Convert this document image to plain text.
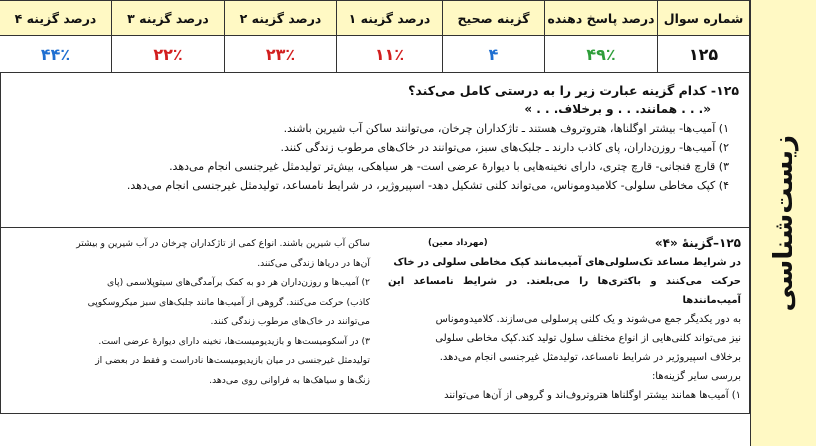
زیست‌شناسی
شماره سوال	درصد پاسخ دهنده	گزینه صحیح	درصد گزینه ۱	درصد گزینه ۲	درصد گزینه ۳	درصد گزینه ۴
۱۲۵	۴۹٪	۴	۱۱٪	۲۳٪	۲۲٪	۴۴٪
۱۲۵- کدام گزینه عبارت زیر را به درستی کامل می‌کند؟
«. . . همانند. . . و برخلاف. . . »
۱) آمیب‌ها- بیشتر اوگلناها، هتروتروف هستند ـ تاژکداران چرخان، می‌توانند ساکن آب شیرین باشند.
۲) آمیب‌ها- روزن‌داران، پای کاذب دارند ـ جلبک‌های سبز، می‌توانند در خاک‌های مرطوب زندگی کنند.
۳) قارچ فنجانی- قارچ چتری، دارای نخینه‌هایی با دیوارهٔ عرضی است- هر سیاهکی، بیش‌تر تولیدمثل غیرجنسی انجام می‌دهد.
۴) کپک مخاطی سلولی- کلامیدوموناس، می‌تواند کلنی تشکیل دهد- اسپیروژیر، در شرایط نامساعد، تولیدمثل غیرجنسی انجام می‌دهد.
۱۲۵–گزینهٔ «۴»
(مهرداد معین)
در شرایط مساعد تک‌سلولی‌های آمیب‌مانند کپک مخاطی سلولی در خاک
حرکت می‌کنند و باکتری‌ها را می‌بلعند. در شرایط نامساعد این آمیب‌مانندها
به دور یکدیگر جمع می‌شوند و یک کلنی پرسلولی می‌سازند. کلامیدوموناس
نیز می‌تواند کلنی‌هایی از انواع مختلف سلول تولید کند.کپک مخاطی سلولی
برخلاف اسپیروژیر در شرایط نامساعد، تولیدمثل غیرجنسی انجام می‌دهد.
بررسی سایر گزینه‌ها:
۱) آمیب‌ها همانند بیشتر اوگلناها هتروتروف‌اند و گروهی از آن‌ها می‌توانند
ساکن آب شیرین باشند. انواع کمی از تاژکداران چرخان در آب شیرین و بیشتر
آن‌ها در دریاها زندگی می‌کنند.
۲) آمیب‌ها و روزن‌داران هر دو به کمک برآمدگی‌های سیتوپلاسمی (پای
کاذب) حرکت می‌کنند. گروهی از آمیب‌ها مانند جلبک‌های سبز میکروسکوپی
می‌توانند در خاک‌های مرطوب زندگی کنند.
۳) در آسکومیست‌ها و بازیدیومیست‌ها، نخینه دارای دیوارهٔ عرضی است.
تولیدمثل غیرجنسی در میان بازیدیومیست‌ها نادراست و فقط در بعضی از
زنگ‌ها و سیاهک‌ها به فراوانی روی می‌دهد.
